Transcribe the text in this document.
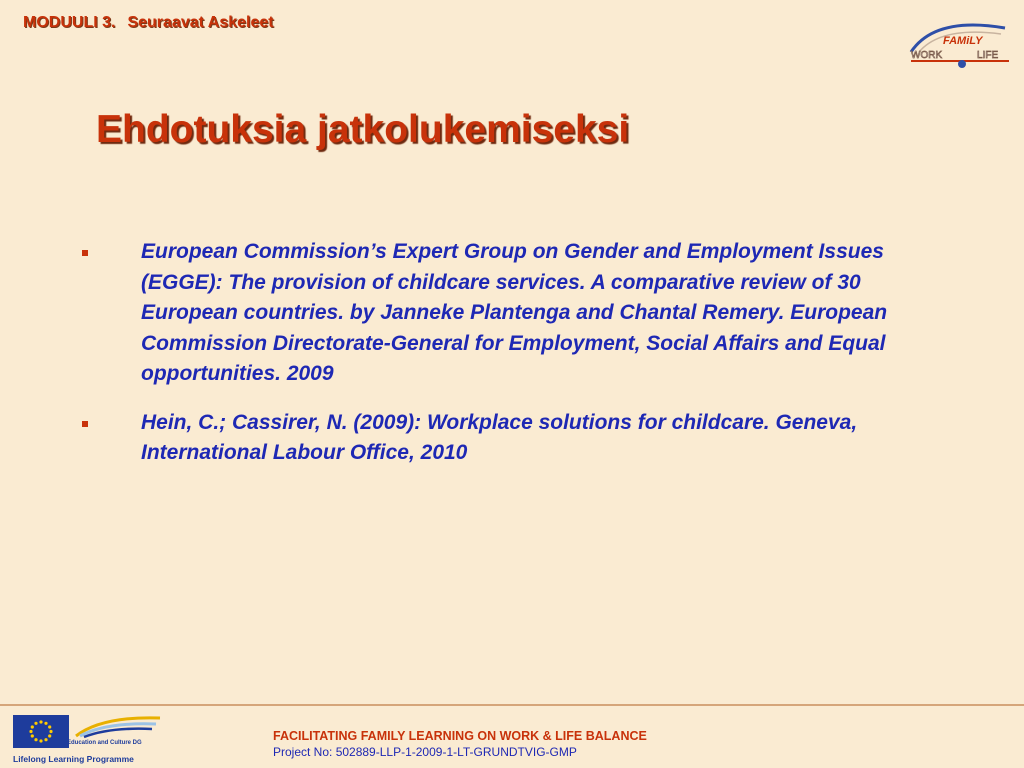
MODUULI 3. Seuraavat Askeleet
FAMiLY
WORK	LIFE
Ehdotuksia jatkolukemiseksi
European Commission’s Expert Group on Gender and Employment Issues (EGGE): The provision of childcare services. A comparative review of 30 European countries. by Janneke Plantenga and Chantal Remery. European Commission Directorate-General for Employment, Social Affairs and Equal opportunities. 2009
Hein, C.; Cassirer, N. (2009): Workplace solutions for childcare. Geneva, International Labour Office, 2010
Education and Culture DG
Lifelong Learning Programme
FACILITATING FAMILY LEARNING ON WORK & LIFE BALANCE
Project No: 502889-LLP-1-2009-1-LT-GRUNDTVIG-GMP
